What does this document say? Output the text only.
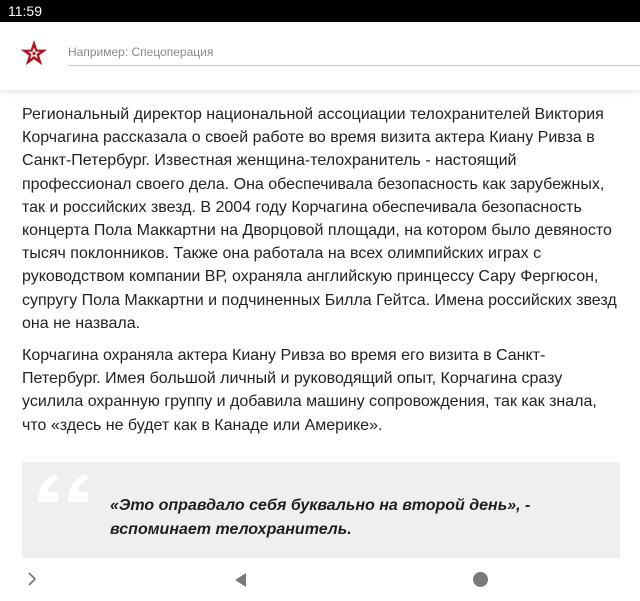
11:59
Например: Спецоперация

Региональный директор национальной ассоциации телохранителей Виктория Корчагина рассказала о своей работе во время визита актера Киану Ривза в Санкт-Петербург. Известная женщина-телохранитель - настоящий профессионал своего дела. Она обеспечивала безопасность как зарубежных, так и российских звезд. В 2004 году Корчагина обеспечивала безопасность концерта Пола Маккартни на Дворцовой площади, на котором было девяносто тысяч поклонников. Также она работала на всех олимпийских играх с руководством компании ВР, охраняла английскую принцессу Сару Фергюсон, супругу Пола Маккартни и подчиненных Билла Гейтса. Имена российских звезд она не назвала.

Корчагина охраняла актера Киану Ривза во время его визита в Санкт-Петербург. Имея большой личный и руководящий опыт, Корчагина сразу усилила охранную группу и добавила машину сопровождения, так как знала, что «здесь не будет как в Канаде или Америке».

«Это оправдало себя буквально на второй день», - вспоминает телохранитель.
